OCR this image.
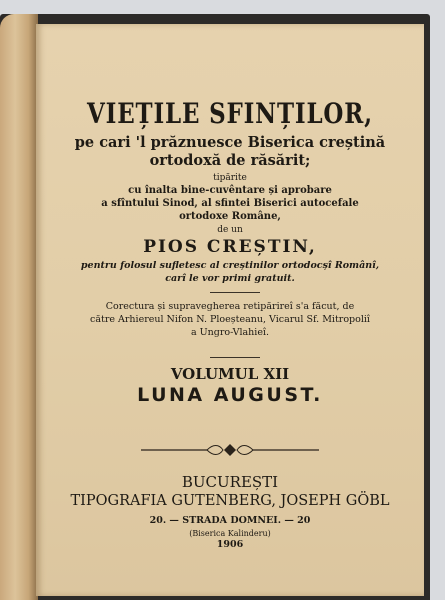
VIEȚILE SFINȚILOR,
pe cari 'l prăznuesce Biserica creștină
ortodoxă de răsărit;
tipărite
cu înalta bine-cuvêntare și aprobare
a sfîntului Sinod, al sfintei Biserici autocefale
ortodoxe Române,
de un
PIOS CREȘTIN,
pentru folosul sufletesc al creștinilor ortodocșî Românî,
carî le vor primi gratuit.
Corectura și supravegherea retipărireî s'a făcut, de
către Arhiereul Nifon N. Ploeșteanu, Vicarul Sf. Mitropoliî
a Ungro-Vlahieî.
VOLUMUL XII
LUNA AUGUST.
BUCUREȘTI
TIPOGRAFIA GUTENBERG, JOSEPH GÖBL
20. — STRADA DOMNEI. — 20
(Biserica Kalinderu)
1906
